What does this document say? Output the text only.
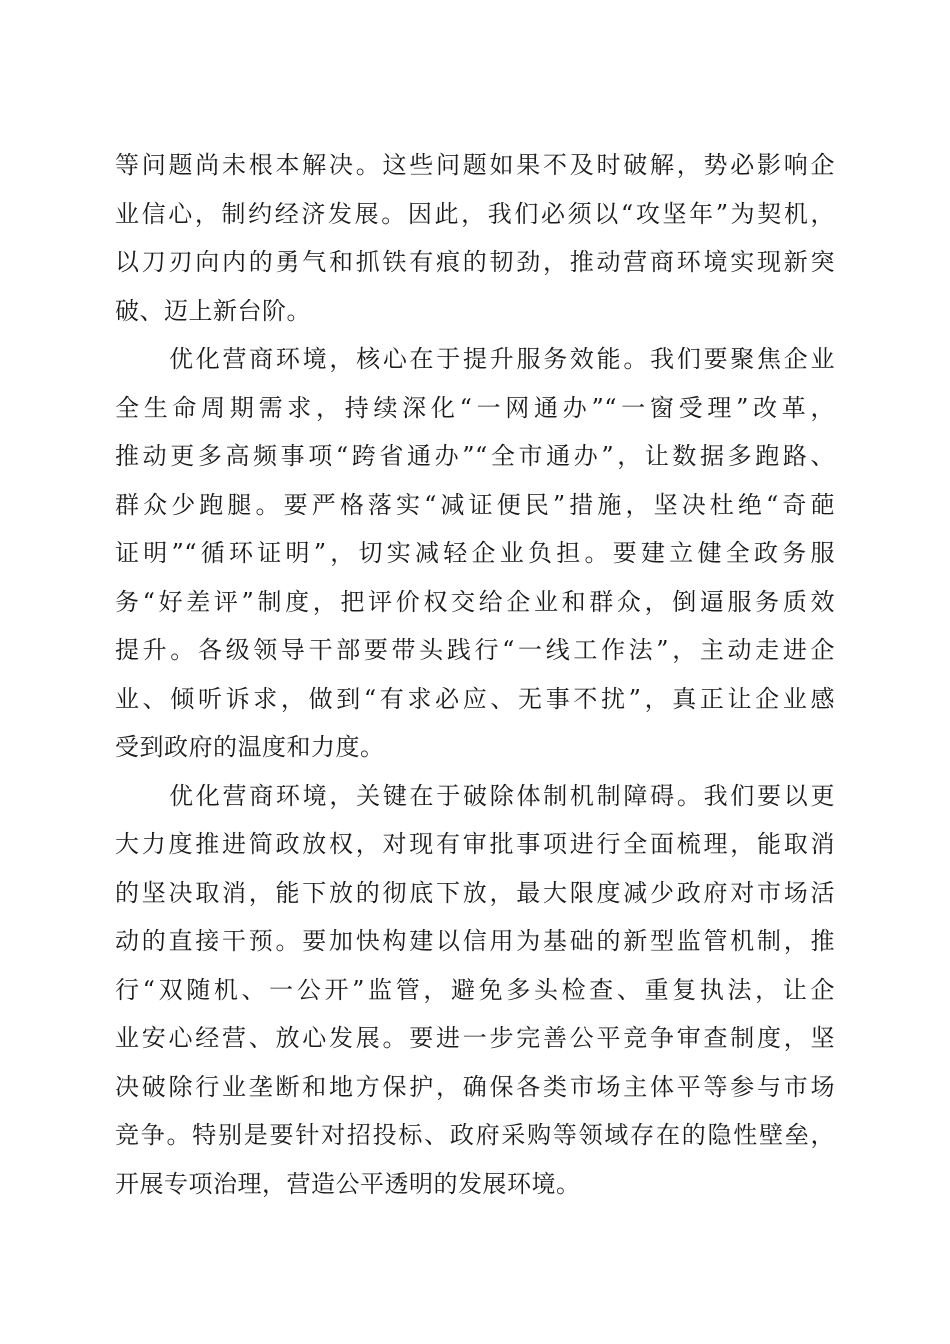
等问题尚未根本解决。这些问题如果不及时破解，势必影响企
业信心，制约经济发展。因此，我们必须以“攻坚年”为契机，
以刀刃向内的勇气和抓铁有痕的韧劲，推动营商环境实现新突
破、迈上新台阶。
优化营商环境，核心在于提升服务效能。我们要聚焦企业
全生命周期需求，持续深化“一网通办”“一窗受理”改革，
推动更多高频事项“跨省通办”“全市通办”，让数据多跑路、
群众少跑腿。要严格落实“减证便民”措施，坚决杜绝“奇葩
证明”“循环证明”，切实减轻企业负担。要建立健全政务服
务“好差评”制度，把评价权交给企业和群众，倒逼服务质效
提升。各级领导干部要带头践行“一线工作法”，主动走进企
业、倾听诉求，做到“有求必应、无事不扰”，真正让企业感
受到政府的温度和力度。
优化营商环境，关键在于破除体制机制障碍。我们要以更
大力度推进简政放权，对现有审批事项进行全面梳理，能取消
的坚决取消，能下放的彻底下放，最大限度减少政府对市场活
动的直接干预。要加快构建以信用为基础的新型监管机制，推
行“双随机、一公开”监管，避免多头检查、重复执法，让企
业安心经营、放心发展。要进一步完善公平竞争审查制度，坚
决破除行业垄断和地方保护，确保各类市场主体平等参与市场
竞争。特别是要针对招投标、政府采购等领域存在的隐性壁垒，
开展专项治理，营造公平透明的发展环境。
